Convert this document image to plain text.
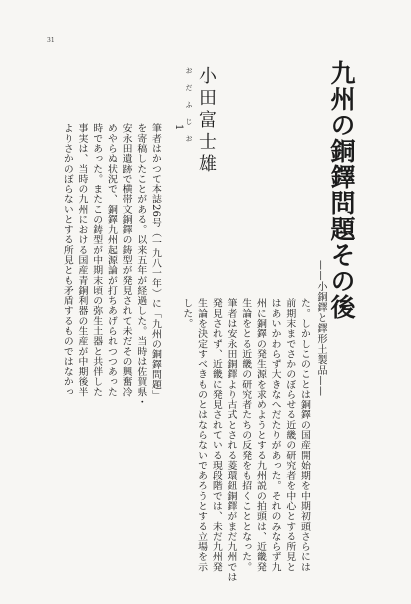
31
九州の銅鐸問題その後
——小銅鐸と鐸形土製品——
おだふじお 小田富士雄
1
筆者はかつて本誌26号（一九八一年）に「九州の銅鐸問題」
を寄稿したことがある。以来五年が経過した。当時は佐賀県・
安永田遺跡で横帯文銅鐸の鋳型が発見されて未だその興奮冷
めやらぬ状況で、銅鐸九州起源論が打ちあげられつつあった
時であった。またこの鋳型が中期末頃の弥生土器と共伴した
事実は、当時の九州における国産青銅利器の生産が中期後半
よりさかのぼらないとする所見とも矛盾するものではなかっ
た。しかしこのことは銅鐸の国産開始期を中期初頭さらには
前期末までさかのぼらせる近畿の研究者を中心とする所見と
はあいかわらず大きなへだたりがあった。それのみならず九
州に銅鐸の発生源を求めようとする九州説の拍頭は、近畿発
生論をとる近畿の研究者たちの反発をも招くこととなった。
筆者は安永田銅鐸より古式とされる菱環鈕銅鐸がまだ九州では
発見されず、近畿に発見されている現段階では、未だ九州発
生論を決定すべきものとはならないであろうとする立場を示
した。
